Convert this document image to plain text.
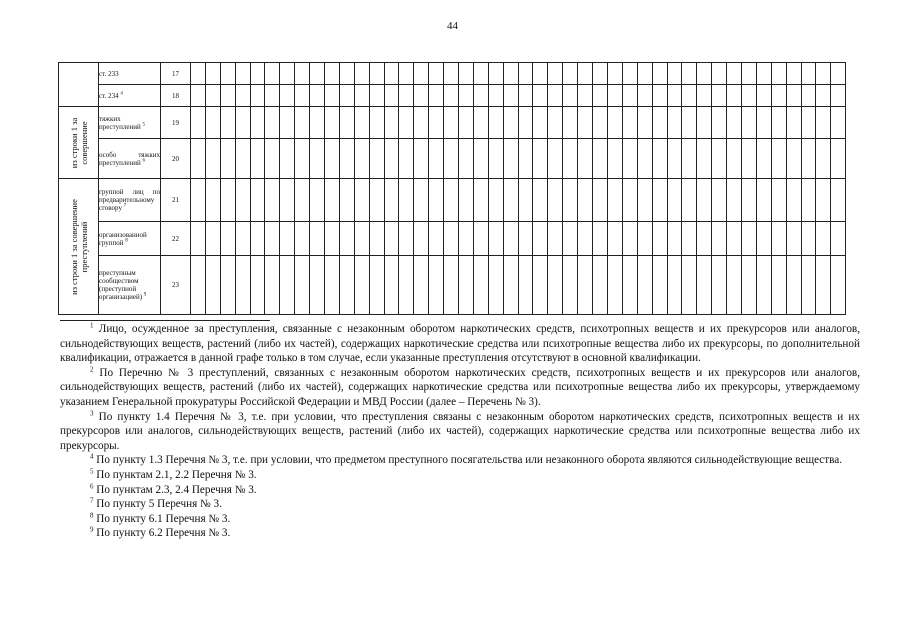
44
	ст. 233	17																																												
	ст. 234 $^4$	18																																												

из строки 1 за совершение	тяжких преступлений $^5$	19																																												
	особо тяжких преступлений $^6$	20																																												

из строки 1 за совершение преступлений	группой лиц по предварительному сговору $^7$	21																																												
	организованной группой $^8$	22																																												
	преступным сообществом (преступной организацией) $^9$	23																																												

$^1$ Лицо, осужденное за преступления, связанные с незаконным оборотом наркотических средств, психотропных веществ и их прекурсоров или аналогов, сильнодействующих веществ, растений (либо их частей), содержащих наркотические средства или психотропные вещества либо их прекурсоры, по дополнительной квалификации, отражается в данной графе только в том случае, если указанные преступления отсутствуют в основной квалификации.

$^2$ По Перечню № 3 преступлений, связанных с незаконным оборотом наркотических средств, психотропных веществ и их прекурсоров или аналогов, сильнодействующих веществ, растений (либо их частей), содержащих наркотические средства или психотропные вещества либо их прекурсоры, утверждаемому указанием Генеральной прокуратуры Российской Федерации и МВД России (далее – Перечень № 3).

$^3$ По пункту 1.4 Перечня № 3, т.е. при условии, что преступления связаны с незаконным оборотом наркотических средств, психотропных веществ и их прекурсоров или аналогов, сильнодействующих веществ, растений (либо их частей), содержащих наркотические средства или психотропные вещества либо их прекурсоры.

$^4$ По пункту 1.3 Перечня № 3, т.е. при условии, что предметом преступного посягательства или незаконного оборота являются сильнодействующие вещества.

$^5$ По пунктам 2.1, 2.2 Перечня № 3.

$^6$ По пунктам 2.3, 2.4 Перечня № 3.

$^7$ По пункту 5 Перечня № 3.

$^8$ По пункту 6.1 Перечня № 3.

$^9$ По пункту 6.2 Перечня № 3.
